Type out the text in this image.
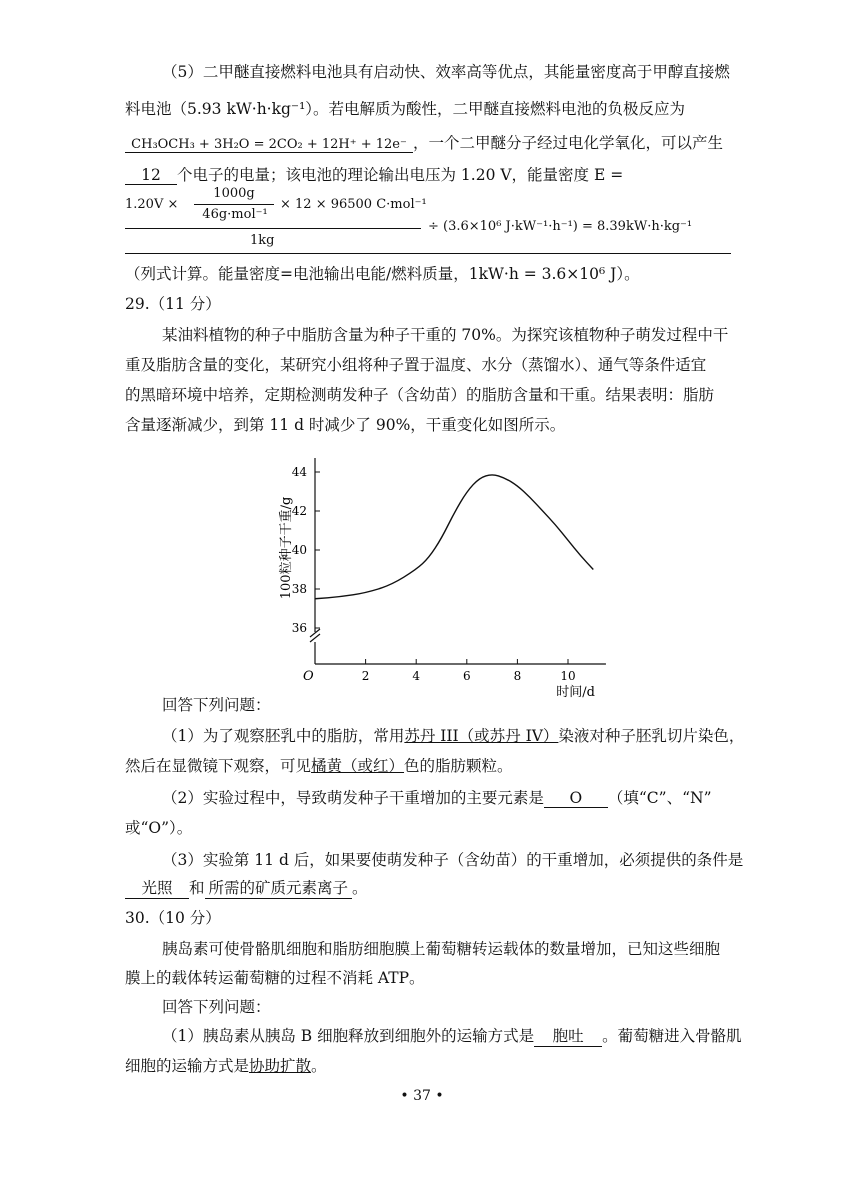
（5）二甲醚直接燃料电池具有启动快、效率高等优点，其能量密度高于甲醇直接燃
料电池（5.93 kW·h·kg⁻¹）。若电解质为酸性，二甲醚直接燃料电池的负极反应为
CH₃OCH₃ + 3H₂O = 2CO₂ + 12H⁺ + 12e⁻ ，一个二甲醚分子经过电化学氧化，可以产生
12 个电子的电量；该电池的理论输出电压为 1.20 V，能量密度 E =
1.20V ×
1000g
46g·mol⁻¹
× 12 × 96500 C·mol⁻¹
1kg
÷ (3.6×10⁶ J·kW⁻¹·h⁻¹) = 8.39kW·h·kg⁻¹
（列式计算。能量密度=电池输出电能/燃料质量，1kW·h = 3.6×10⁶ J）。
29.（11 分）
某油料植物的种子中脂肪含量为种子干重的 70%。为探究该植物种子萌发过程中干
重及脂肪含量的变化，某研究小组将种子置于温度、水分（蒸馏水）、通气等条件适宜
的黑暗环境中培养，定期检测萌发种子（含幼苗）的脂肪含量和干重。结果表明：脂肪
含量逐渐减少，到第 11 d 时减少了 90%，干重变化如图所示。
2	4	6	8	10
36
38
40
42
44
100粒种子干重/g
时间/d
O
回答下列问题：
（1）为了观察胚乳中的脂肪，常用苏丹 III（或苏丹 IV）染液对种子胚乳切片染色，
然后在显微镜下观察，可见橘黄（或红）色的脂肪颗粒。
（2）实验过程中，导致萌发种子干重增加的主要元素是 O （填“C”、“N”
或“O”）。
（3）实验第 11 d 后，如果要使萌发种子（含幼苗）的干重增加，必须提供的条件是
光照 和 所需的矿质元素离子 。
30.（10 分）
胰岛素可使骨骼肌细胞和脂肪细胞膜上葡萄糖转运载体的数量增加，已知这些细胞
膜上的载体转运葡萄糖的过程不消耗 ATP。
回答下列问题：
（1）胰岛素从胰岛 B 细胞释放到细胞外的运输方式是 胞吐 。葡萄糖进入骨骼肌
细胞的运输方式是协助扩散。
• 37 •
